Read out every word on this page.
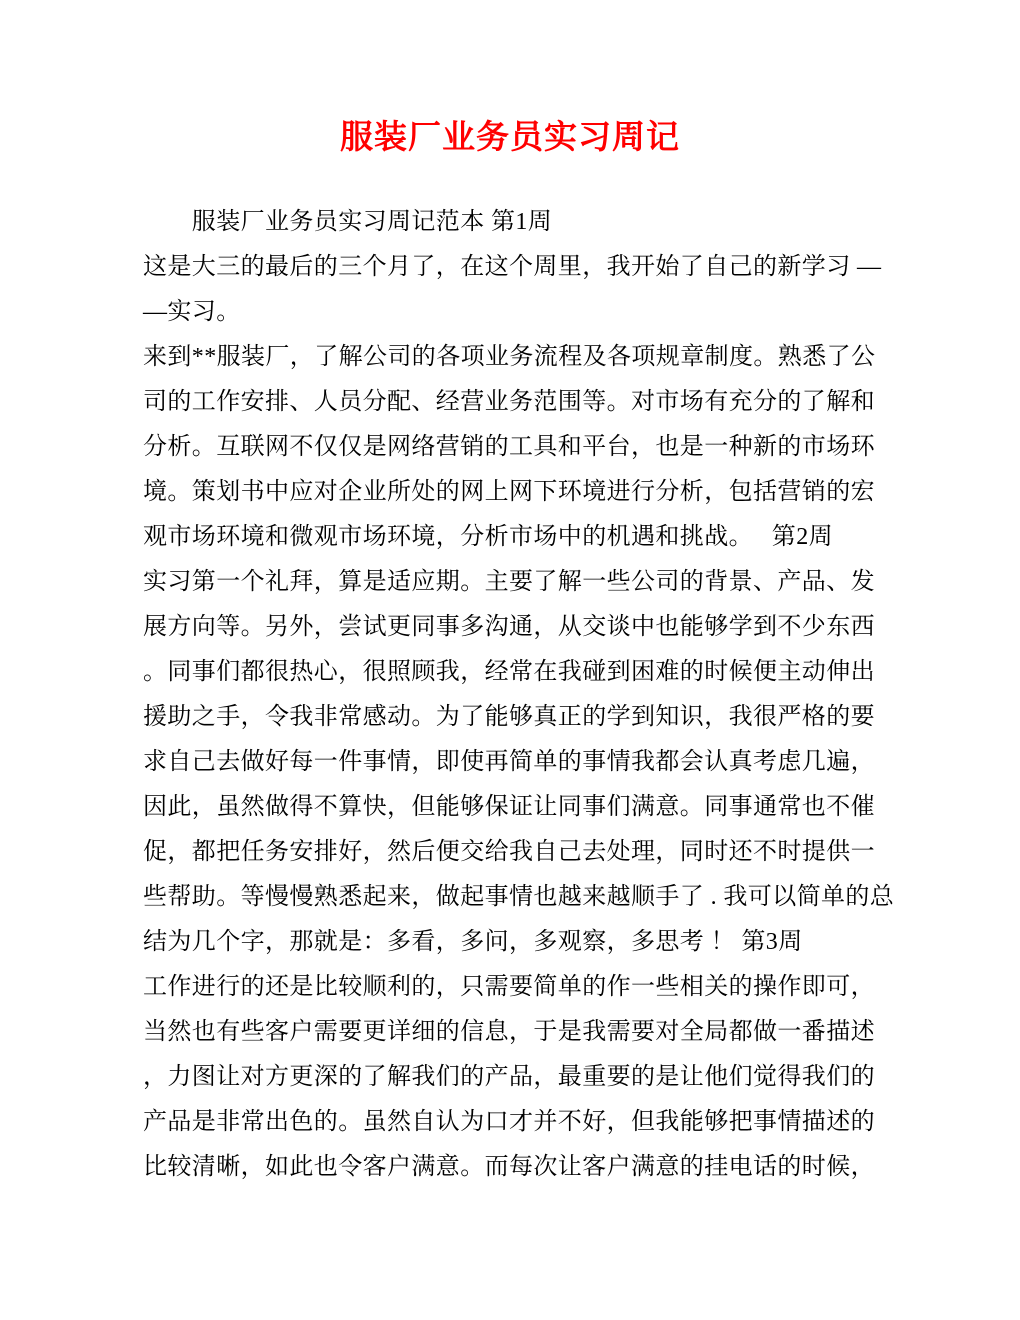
服装厂业务员实习周记
　　服装厂业务员实习周记范本 第1周
这是大三的最后的三个月了，在这个周里，我开始了自己的新学习 —
—实习。
来到**服装厂，了解公司的各项业务流程及各项规章制度。熟悉了公
司的工作安排、人员分配、经营业务范围等。对市场有充分的了解和
分析。互联网不仅仅是网络营销的工具和平台，也是一种新的市场环
境。策划书中应对企业所处的网上网下环境进行分析，包括营销的宏
观市场环境和微观市场环境，分析市场中的机遇和挑战。　 第2周
实习第一个礼拜，算是适应期。主要了解一些公司的背景、产品、发
展方向等。另外，尝试更同事多沟通，从交谈中也能够学到不少东西
。同事们都很热心，很照顾我，经常在我碰到困难的时候便主动伸出
援助之手，令我非常感动。为了能够真正的学到知识，我很严格的要
求自己去做好每一件事情，即使再简单的事情我都会认真考虑几遍，
因此，虽然做得不算快，但能够保证让同事们满意。同事通常也不催
促，都把任务安排好，然后便交给我自己去处理，同时还不时提供一
些帮助。等慢慢熟悉起来，做起事情也越来越顺手了 . 我可以简单的总
结为几个字，那就是：多看，多问，多观察，多思考 ！ 第3周
工作进行的还是比较顺利的，只需要简单的作一些相关的操作即可，
当然也有些客户需要更详细的信息，于是我需要对全局都做一番描述
，力图让对方更深的了解我们的产品，最重要的是让他们觉得我们的
产品是非常出色的。虽然自认为口才并不好，但我能够把事情描述的
比较清晰，如此也令客户满意。而每次让客户满意的挂电话的时候，
